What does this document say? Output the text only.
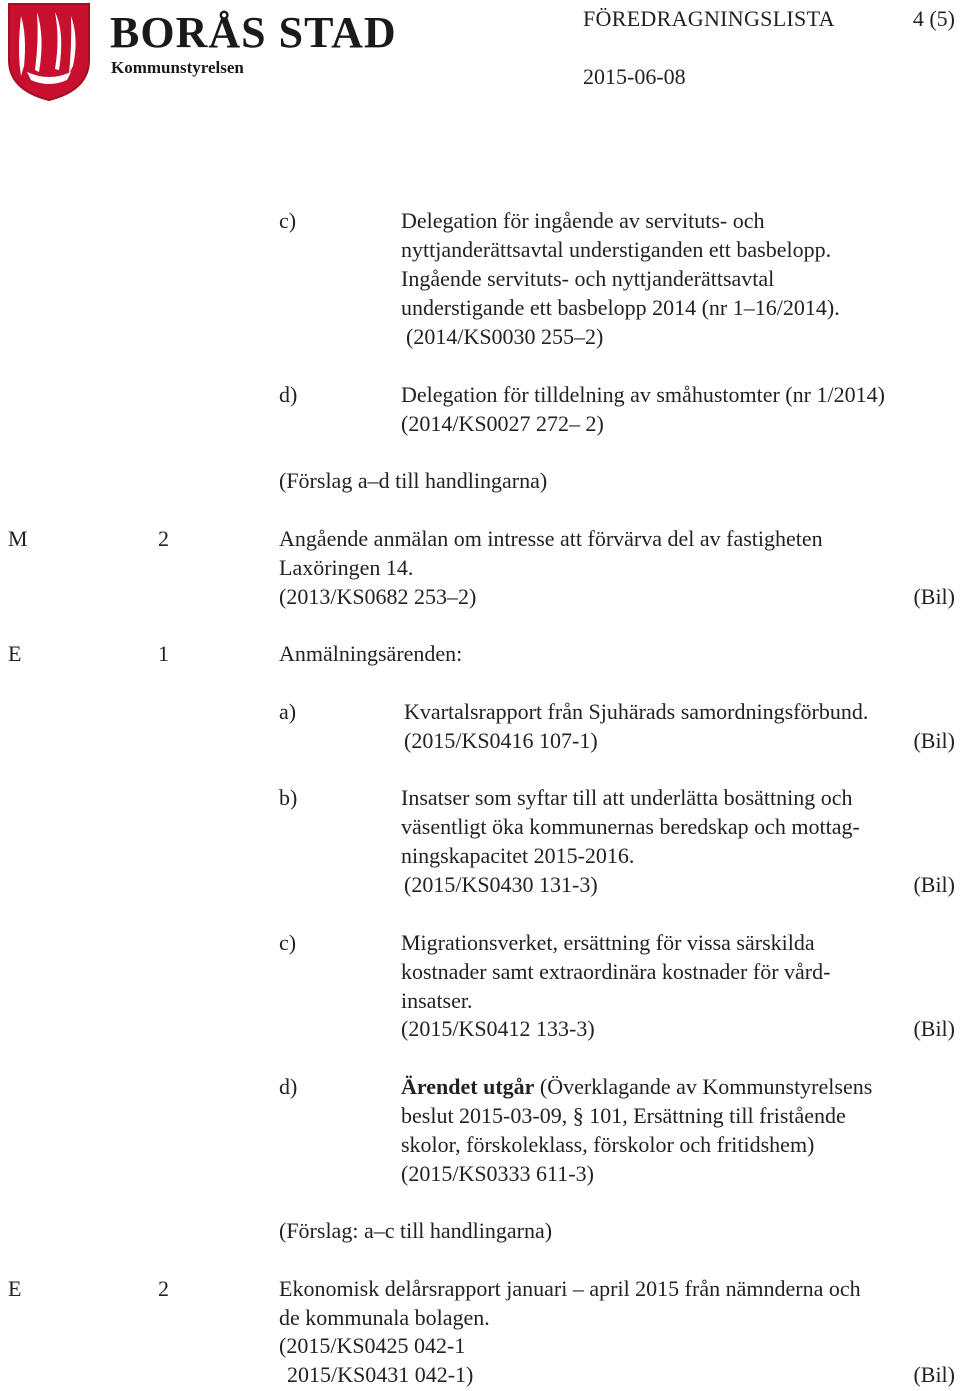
BORÅS STAD
Kommunstyrelsen
FÖREDRAGNINGSLISTA	4 (5)
2015-06-08
c)	Delegation för ingående av servituts- och
nyttjanderättsavtal understiganden ett basbelopp.
Ingående servituts- och nyttjanderättsavtal
understigande ett basbelopp 2014 (nr 1–16/2014).
(2014/KS0030 255–2)
d)	Delegation för tilldelning av småhustomter (nr 1/2014)
(2014/KS0027 272– 2)
(Förslag a–d till handlingarna)
M	2	Angående anmälan om intresse att förvärva del av fastigheten
Laxöringen 14.
(2013/KS0682 253–2)	(Bil)
E	1	Anmälningsärenden:
a)	Kvartalsrapport från Sjuhärads samordningsförbund.
(2015/KS0416 107-1)	(Bil)
b)	Insatser som syftar till att underlätta bosättning och
väsentligt öka kommunernas beredskap och mottag-
ningskapacitet 2015-2016.
(2015/KS0430 131-3)	(Bil)
c)	Migrationsverket, ersättning för vissa särskilda
kostnader samt extraordinära kostnader för vård-
insatser.
(2015/KS0412 133-3)	(Bil)
d)	Ärendet utgår (Överklagande av Kommunstyrelsens
beslut 2015-03-09, § 101, Ersättning till fristående
skolor, förskoleklass, förskolor och fritidshem)
(2015/KS0333 611-3)
(Förslag: a–c till handlingarna)
E	2	Ekonomisk delårsrapport januari – april 2015 från nämnderna och
de kommunala bolagen.
(2015/KS0425 042-1
2015/KS0431 042-1)	(Bil)
